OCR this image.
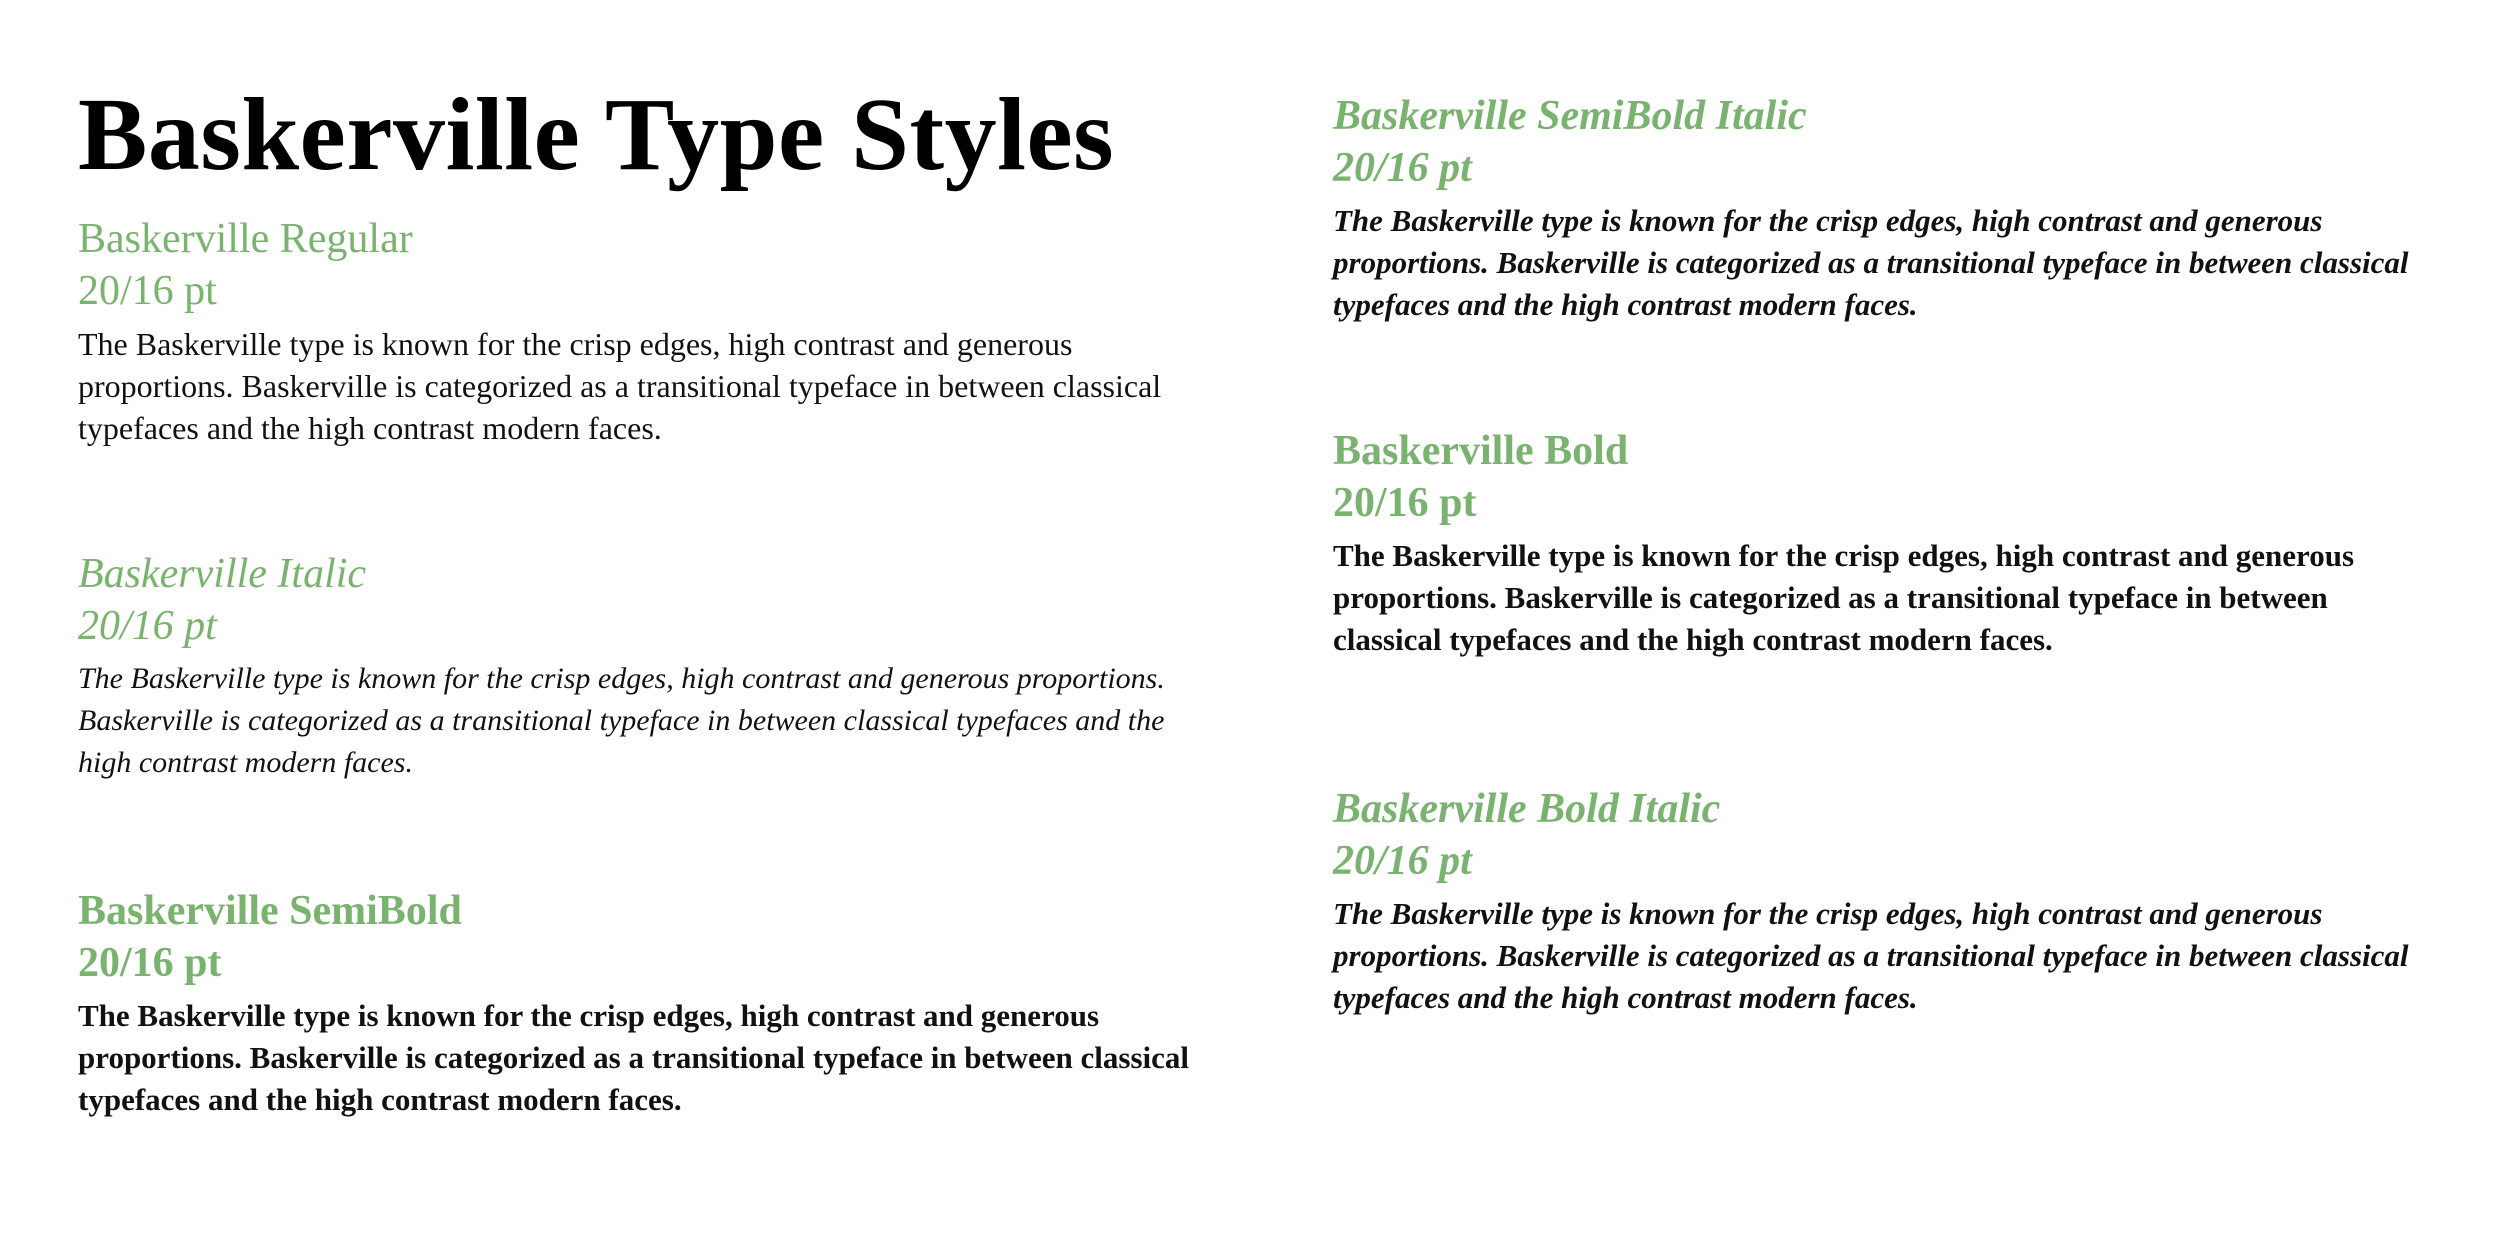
Baskerville Type Styles

Baskerville Regular

20/16 pt

The Baskerville type is known for the crisp edges, high contrast and generous proportions. Baskerville is categorized as a transitional typeface in between classical typefaces and the high contrast modern faces.

Baskerville Italic

20/16 pt

The Baskerville type is known for the crisp edges, high contrast and generous proportions. Baskerville is categorized as a transitional typeface in between classical typefaces and the high contrast modern faces.

Baskerville SemiBold

20/16 pt

The Baskerville type is known for the crisp edges, high contrast and generous proportions. Baskerville is categorized as a transitional typeface in between classical typefaces and the high contrast modern faces.

Baskerville SemiBold Italic

20/16 pt

The Baskerville type is known for the crisp edges, high contrast and generous proportions. Baskerville is categorized as a transitional typeface in between classical typefaces and the high contrast modern faces.

Baskerville Bold

20/16 pt

The Baskerville type is known for the crisp edges, high contrast and generous proportions. Baskerville is categorized as a transitional typeface in between classical typefaces and the high contrast modern faces.

Baskerville Bold Italic

20/16 pt

The Baskerville type is known for the crisp edges, high contrast and generous proportions. Baskerville is categorized as a transitional typeface in between classical typefaces and the high contrast modern faces.
